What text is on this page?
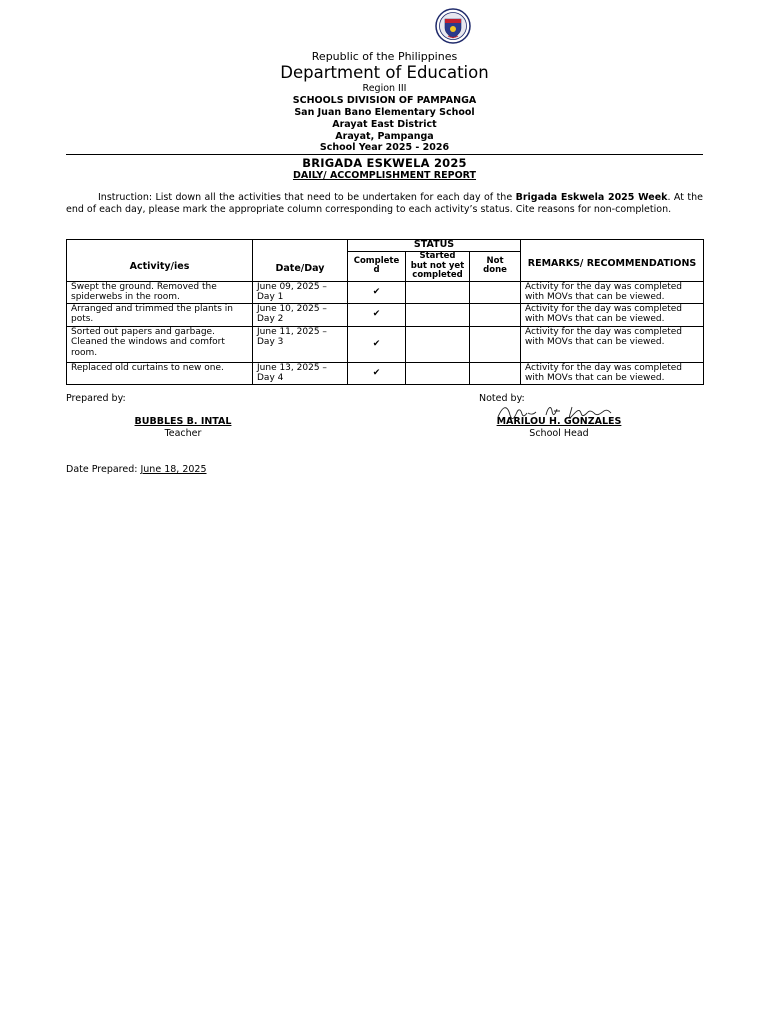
Republic of the Philippines
Department of Education
Region III
SCHOOLS DIVISION OF PAMPANGA
San Juan Bano Elementary School
Arayat East District
Arayat, Pampanga
School Year 2025 - 2026
BRIGADA ESKWELA 2025
DAILY/ ACCOMPLISHMENT REPORT
Instruction: List down all the activities that need to be undertaken for each day of the Brigada Eskwela 2025 Week. At the end of each day, please mark the appropriate column corresponding to each activity’s status. Cite reasons for non-completion.
Activity/ies	Date/Day	STATUS			REMARKS/ RECOMMENDATIONS
		Complete d	Started but not yet completed	Not done	
Swept the ground. Removed the spiderwebs in the room.	June 09, 2025 – Day 1	✔			Activity for the day was completed with MOVs that can be viewed.
Arranged and trimmed the plants in pots.	June 10, 2025 – Day 2	✔			Activity for the day was completed with MOVs that can be viewed.
Sorted out papers and garbage. Cleaned the windows and comfort room.	June 11, 2025 – Day 3	✔			Activity for the day was completed with MOVs that can be viewed.
Replaced old curtains to new one.	June 13, 2025 – Day 4	✔			Activity for the day was completed with MOVs that can be viewed.
Prepared by:
BUBBLES B. INTAL
Teacher
Noted by:
MARILOU H. GONZALES
School Head
Date Prepared: June 18, 2025
